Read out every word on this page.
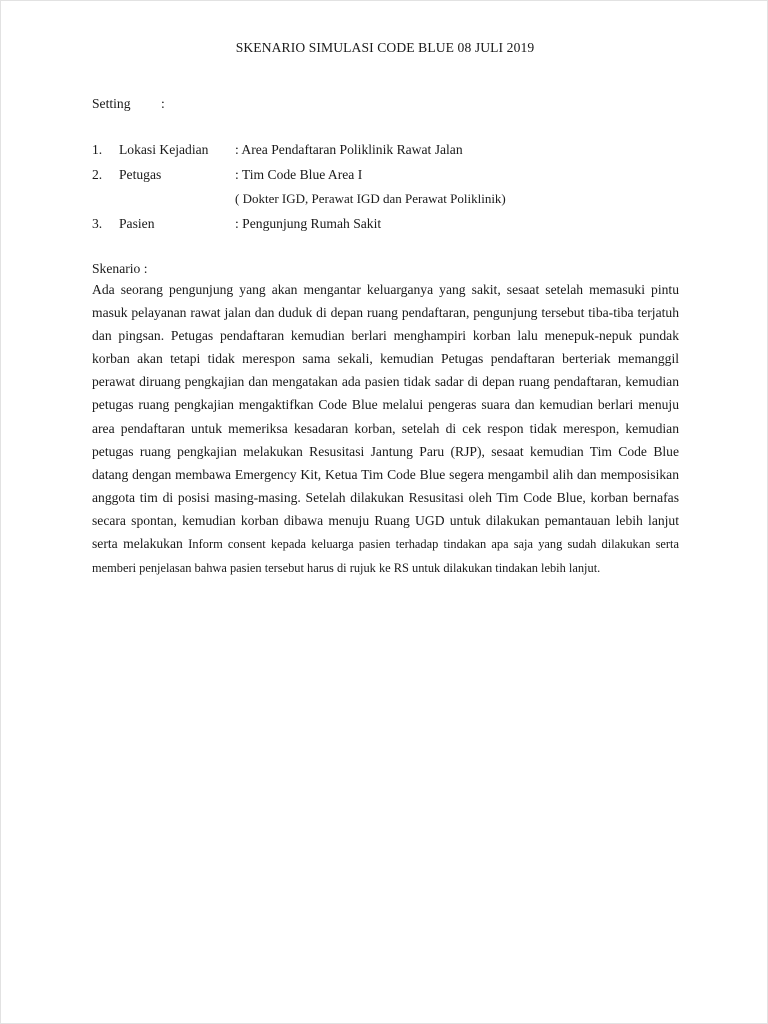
SKENARIO SIMULASI CODE BLUE 08 JULI 2019
Setting :
1. Lokasi Kejadian : Area Pendaftaran Poliklinik Rawat Jalan
2. Petugas	: Tim Code Blue Area I
( Dokter IGD, Perawat IGD dan Perawat Poliklinik)
3. Pasien	: Pengunjung Rumah Sakit
Skenario :

Ada seorang pengunjung yang akan mengantar keluarganya yang sakit, sesaat setelah memasuki pintu masuk pelayanan rawat jalan dan duduk di depan ruang pendaftaran, pengunjung tersebut tiba-tiba terjatuh dan pingsan. Petugas pendaftaran kemudian berlari menghampiri korban lalu menepuk-nepuk pundak korban akan tetapi tidak merespon sama sekali, kemudian Petugas pendaftaran berteriak memanggil perawat diruang pengkajian dan mengatakan ada pasien tidak sadar di depan ruang pendaftaran, kemudian petugas ruang pengkajian mengaktifkan Code Blue melalui pengeras suara dan kemudian berlari menuju area pendaftaran untuk memeriksa kesadaran korban, setelah di cek respon tidak merespon, kemudian petugas ruang pengkajian melakukan Resusitasi Jantung Paru (RJP), sesaat kemudian Tim Code Blue datang dengan membawa Emergency Kit, Ketua Tim Code Blue segera mengambil alih dan memposisikan anggota tim di posisi masing-masing. Setelah dilakukan Resusitasi oleh Tim Code Blue, korban bernafas secara spontan, kemudian korban dibawa menuju Ruang UGD untuk dilakukan pemantauan lebih lanjut serta melakukan Inform consent kepada keluarga pasien terhadap tindakan apa saja yang sudah dilakukan serta memberi penjelasan bahwa pasien tersebut harus di rujuk ke RS untuk dilakukan tindakan lebih lanjut.
